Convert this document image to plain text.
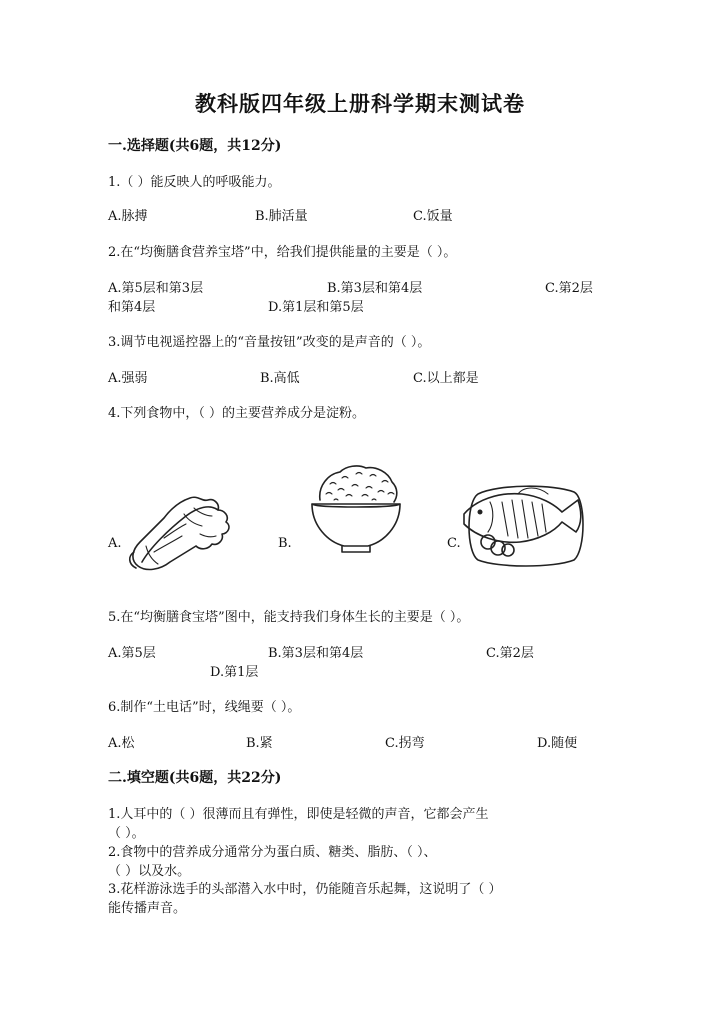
教科版四年级上册科学期末测试卷
一.选择题(共6题，共12分)
1.（ ）能反映人的呼吸能力。
A.脉搏	B.肺活量	C.饭量
2.在“均衡膳食营养宝塔”中，给我们提供能量的主要是（ ）。
A.第5层和第3层	B.第3层和第4层	C.第2层
和第4层	D.第1层和第5层
3.调节电视遥控器上的“音量按钮”改变的是声音的（ ）。
A.强弱	B.高低	C.以上都是
4.下列食物中，（ ）的主要营养成分是淀粉。
A.	B.	C.
5.在“均衡膳食宝塔”图中，能支持我们身体生长的主要是（ ）。
A.第5层	B.第3层和第4层	C.第2层
D.第1层
6.制作“土电话”时，线绳要（ ）。
A.松	B.紧	C.拐弯	D.随便
二.填空题(共6题，共22分)
1.人耳中的（ ）很薄而且有弹性，即使是轻微的声音，它都会产生
（ ）。
2.食物中的营养成分通常分为蛋白质、糖类、脂肪、（ ）、
（ ）以及水。
3.花样游泳选手的头部潜入水中时，仍能随音乐起舞，这说明了（ ）
能传播声音。
